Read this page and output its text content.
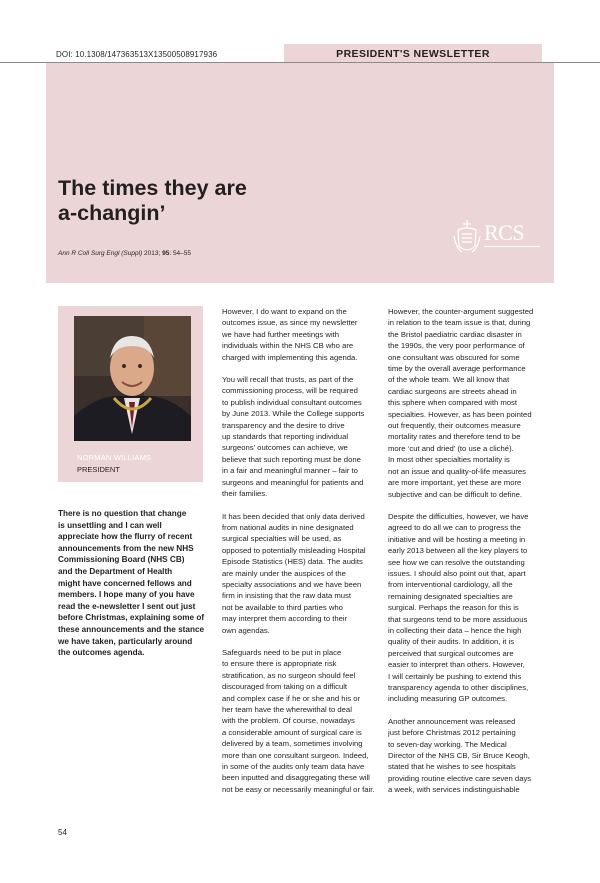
DOI: 10.1308/147363513X13500508917936	PRESIDENT'S NEWSLETTER
The times they are
a-changin’
Ann R Coll Surg Engl (Suppl) 2013; 95: 54–55
RCS
NORMAN WILLIAMS
PRESIDENT
There is no question that change
is unsettling and I can well
appreciate how the flurry of recent
announcements from the new NHS
Commissioning Board (NHS CB)
and the Department of Health
might have concerned fellows and
members. I hope many of you have
read the e-newsletter I sent out just
before Christmas, explaining some of
these announcements and the stance
we have taken, particularly around
the outcomes agenda.

However, I do want to expand on the
outcomes issue, as since my newsletter
we have had further meetings with
individuals within the NHS CB who are
charged with implementing this agenda.

You will recall that trusts, as part of the
commissioning process, will be required
to publish individual consultant outcomes
by June 2013. While the College supports
transparency and the desire to drive
up standards that reporting individual
surgeons’ outcomes can achieve, we
believe that such reporting must be done
in a fair and meaningful manner – fair to
surgeons and meaningful for patients and
their families.

It has been decided that only data derived
from national audits in nine designated
surgical specialties will be used, as
opposed to potentially misleading Hospital
Episode Statistics (HES) data. The audits
are mainly under the auspices of the
specialty associations and we have been
firm in insisting that the raw data must
not be available to third parties who
may interpret them according to their
own agendas.

Safeguards need to be put in place
to ensure there is appropriate risk
stratification, as no surgeon should feel
discouraged from taking on a difficult
and complex case if he or she and his or
her team have the wherewithal to deal
with the problem. Of course, nowadays
a considerable amount of surgical care is
delivered by a team, sometimes involving
more than one consultant surgeon. Indeed,
in some of the audits only team data have
been inputted and disaggregating these will
not be easy or necessarily meaningful or fair.

However, the counter-argument suggested
in relation to the team issue is that, during
the Bristol paediatric cardiac disaster in
the 1990s, the very poor performance of
one consultant was obscured for some
time by the overall average performance
of the whole team. We all know that
cardiac surgeons are streets ahead in
this sphere when compared with most
specialties. However, as has been pointed
out frequently, their outcomes measure
mortality rates and therefore tend to be
more ‘cut and dried’ (to use a cliché).
In most other specialties mortality is
not an issue and quality-of-life measures
are more important, yet these are more
subjective and can be difficult to define.

Despite the difficulties, however, we have
agreed to do all we can to progress the
initiative and will be hosting a meeting in
early 2013 between all the key players to
see how we can resolve the outstanding
issues. I should also point out that, apart
from interventional cardiology, all the
remaining designated specialties are
surgical. Perhaps the reason for this is
that surgeons tend to be more assiduous
in collecting their data – hence the high
quality of their audits. In addition, it is
perceived that surgical outcomes are
easier to interpret than others. However,
I will certainly be pushing to extend this
transparency agenda to other disciplines,
including measuring GP outcomes.

Another announcement was released
just before Christmas 2012 pertaining
to seven-day working. The Medical
Director of the NHS CB, Sir Bruce Keogh,
stated that he wishes to see hospitals
providing routine elective care seven days
a week, with services indistinguishable

54
